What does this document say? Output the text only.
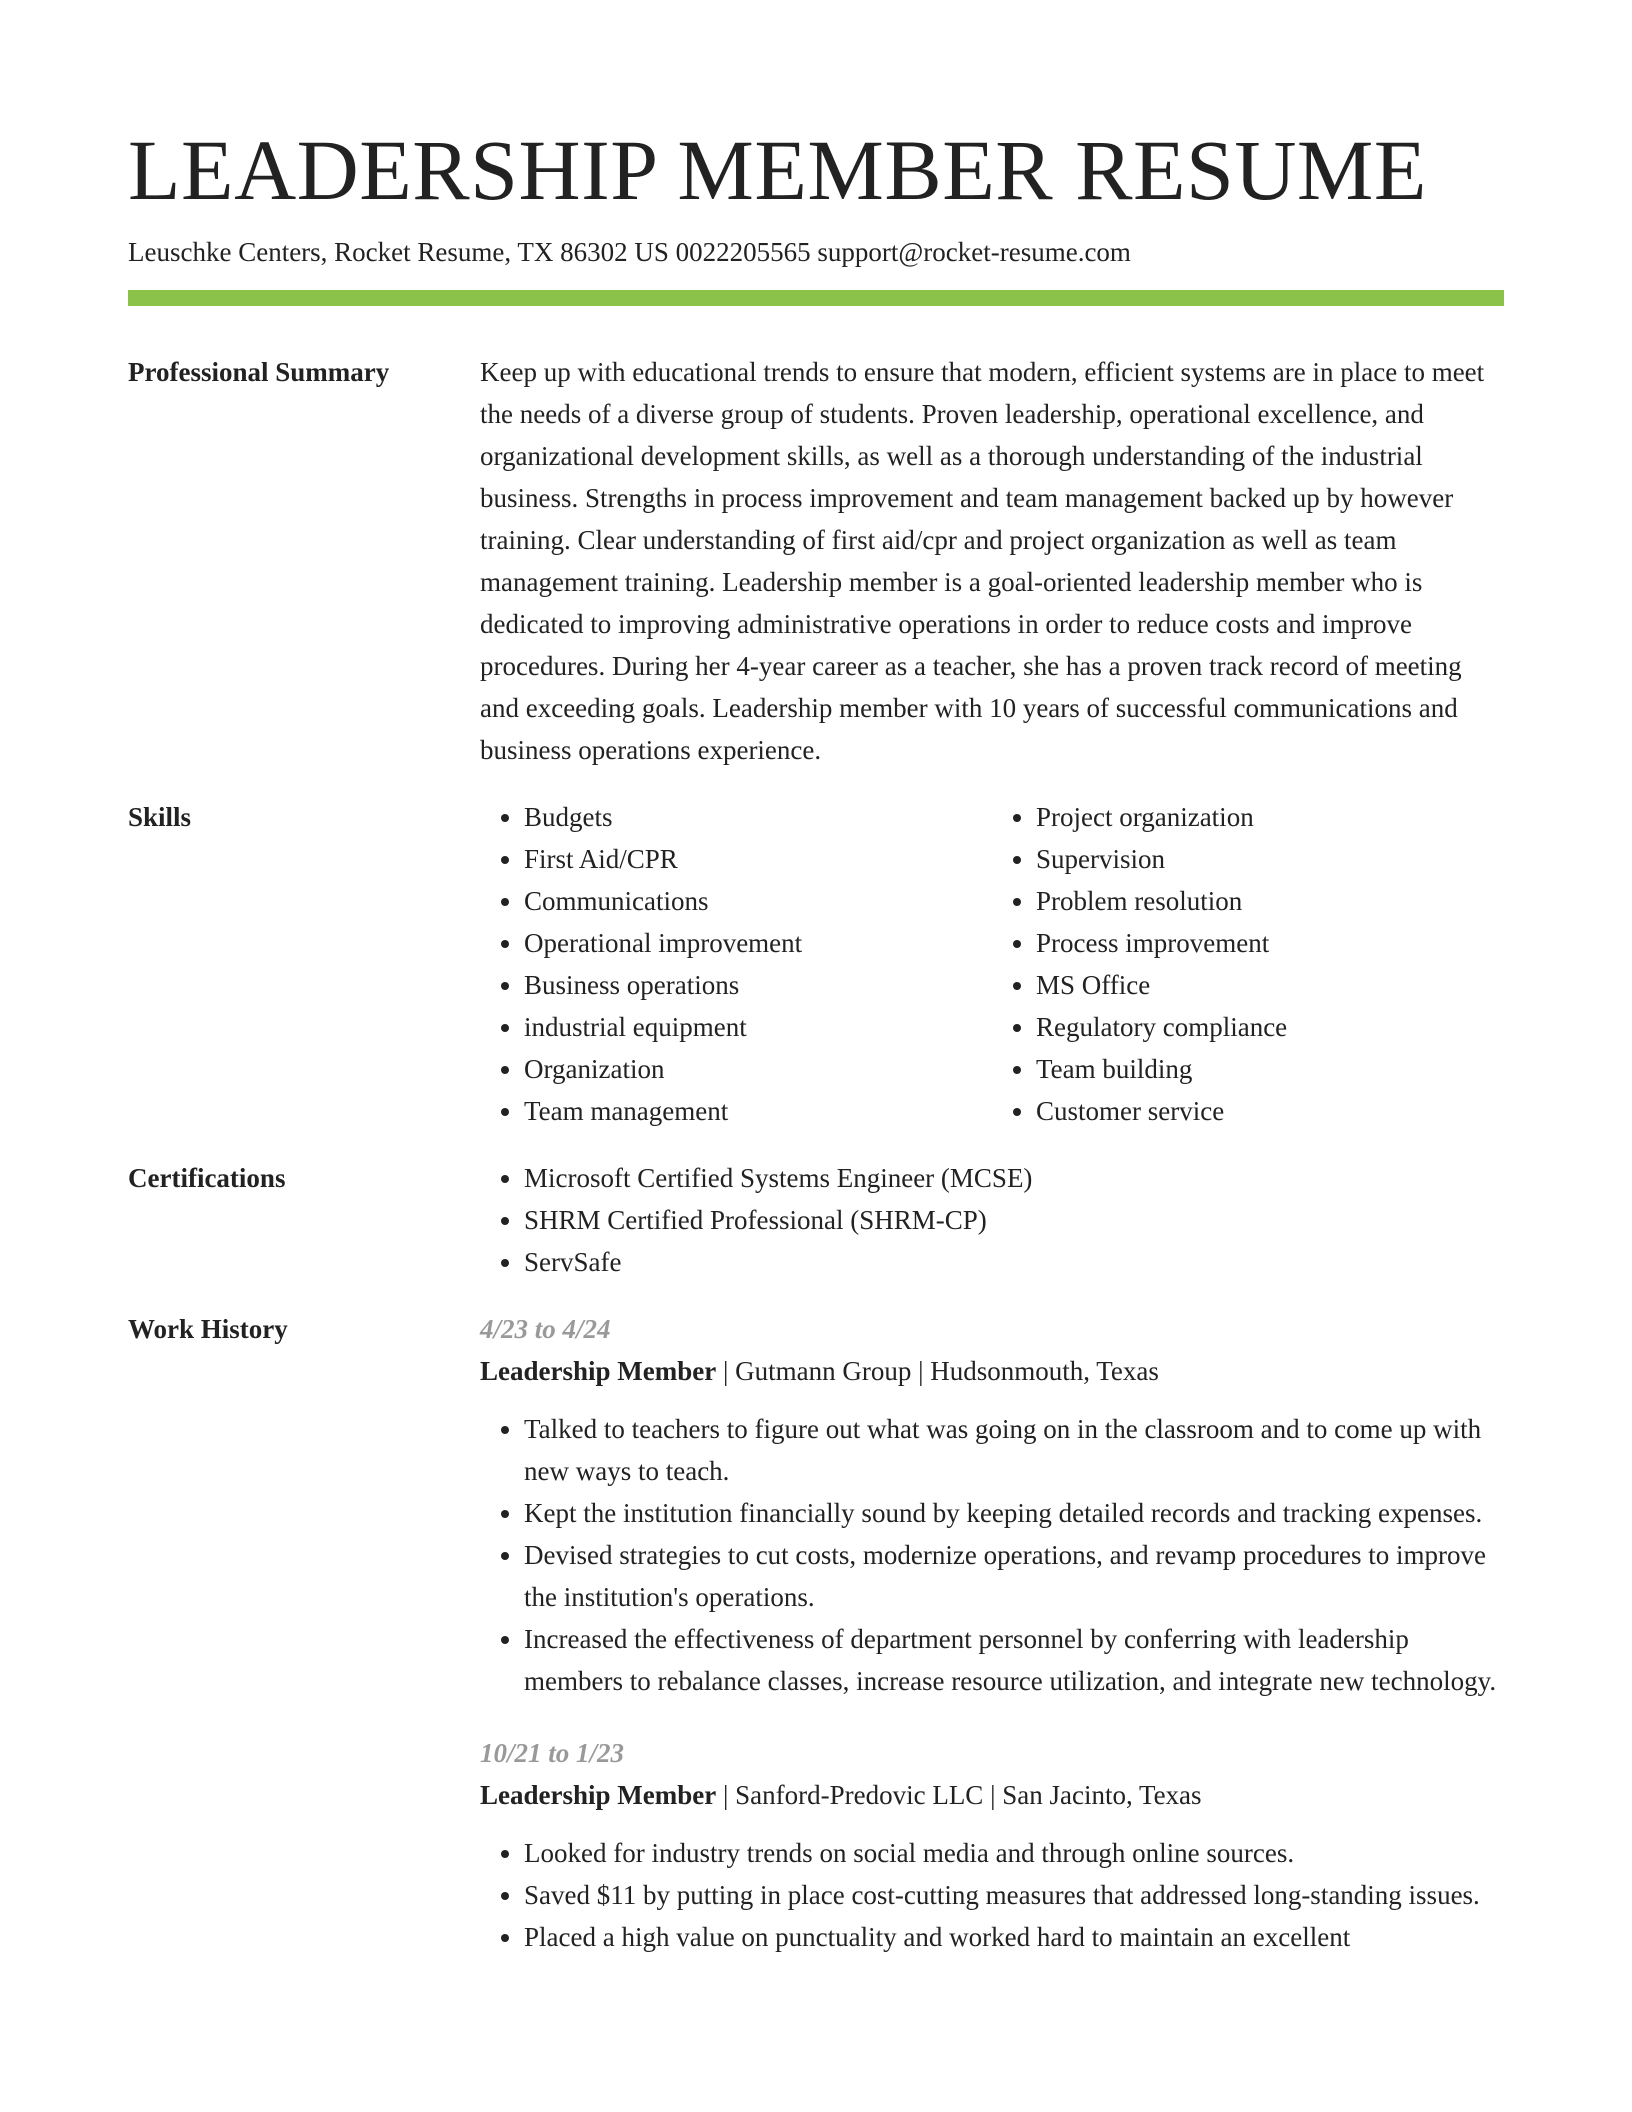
LEADERSHIP MEMBER RESUME
Leuschke Centers, Rocket Resume, TX 86302 US 0022205565 support@rocket-resume.com
Professional Summary	Keep up with educational trends to ensure that modern, efficient systems are in place to meet the needs of a diverse group of students. Proven leadership, operational excellence, and organizational development skills, as well as a thorough understanding of the industrial business. Strengths in process improvement and team management backed up by however training. Clear understanding of first aid/cpr and project organization as well as team management training. Leadership member is a goal-oriented leadership member who is dedicated to improving administrative operations in order to reduce costs and improve procedures. During her 4-year career as a teacher, she has a proven track record of meeting and exceeding goals. Leadership member with 10 years of successful communications and business operations experience.

Skills	• Budgets
• First Aid/CPR
• Communications
• Operational improvement
• Business operations
• industrial equipment
• Organization
• Team management
• Project organization
• Supervision
• Problem resolution
• Process improvement
• MS Office
• Regulatory compliance
• Team building
• Customer service
Certifications	• Microsoft Certified Systems Engineer (MCSE)
• SHRM Certified Professional (SHRM-CP)
• ServSafe
Work History	4/23 to 4/24
Leadership Member | Gutmann Group | Hudsonmouth, Texas
• Talked to teachers to figure out what was going on in the classroom and to come up with new ways to teach.
• Kept the institution financially sound by keeping detailed records and tracking expenses.
• Devised strategies to cut costs, modernize operations, and revamp procedures to improve the institution's operations.
• Increased the effectiveness of department personnel by conferring with leadership members to rebalance classes, increase resource utilization, and integrate new technology.
10/21 to 1/23
Leadership Member | Sanford-Predovic LLC | San Jacinto, Texas
• Looked for industry trends on social media and through online sources.
• Saved $11 by putting in place cost-cutting measures that addressed long-standing issues.
• Placed a high value on punctuality and worked hard to maintain an excellent
